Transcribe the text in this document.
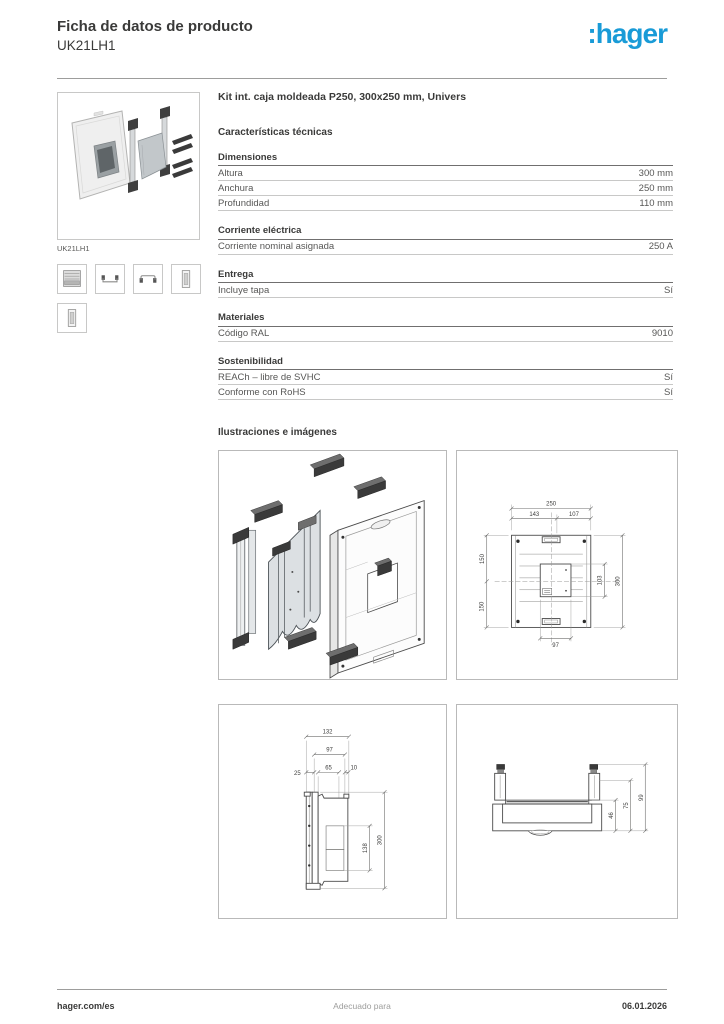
Ficha de datos de producto
UK21LH1	:hager
UK21LH1
Kit int. caja moldeada P250, 300x250 mm, Univers
Características técnicas
Dimensiones
Altura	300 mm
Anchura	250 mm
Profundidad	110 mm
Corriente eléctrica
Corriente nominal asignada	250 A
Entrega
Incluye tapa	Sí
Materiales
Código RAL	9010
Sostenibilidad
REACh – libre de SVHC	Sí
Conforme con RoHS	Sí
Ilustraciones e imágenes
250
143	107
150
150
103 300
97
132
97
25
65	10
138
300
46
75
99
hager.com/es	Adecuado para	06.01.2026
